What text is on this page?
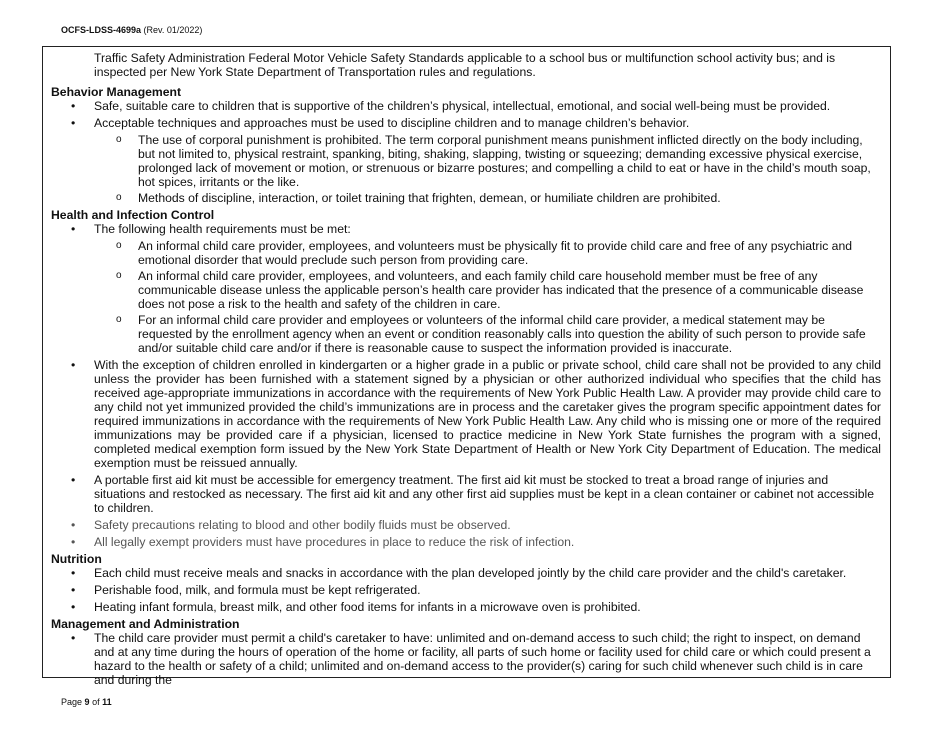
OCFS-LDSS-4699a (Rev. 01/2022)

Traffic Safety Administration Federal Motor Vehicle Safety Standards applicable to a school bus or multifunction school activity bus; and is inspected per New York State Department of Transportation rules and regulations.

Behavior Management

• Safe, suitable care to children that is supportive of the children’s physical, intellectual, emotional, and social well-being must be provided.
• Acceptable techniques and approaches must be used to discipline children and to manage children’s behavior.
o The use of corporal punishment is prohibited. The term corporal punishment means punishment inflicted directly on the body including, but not limited to, physical restraint, spanking, biting, shaking, slapping, twisting or squeezing; demanding excessive physical exercise, prolonged lack of movement or motion, or strenuous or bizarre postures; and compelling a child to eat or have in the child’s mouth soap, hot spices, irritants or the like.
o Methods of discipline, interaction, or toilet training that frighten, demean, or humiliate children are prohibited.

Health and Infection Control

• The following health requirements must be met:
o An informal child care provider, employees, and volunteers must be physically fit to provide child care and free of any psychiatric and emotional disorder that would preclude such person from providing care.
o An informal child care provider, employees, and volunteers, and each family child care household member must be free of any communicable disease unless the applicable person’s health care provider has indicated that the presence of a communicable disease does not pose a risk to the health and safety of the children in care.
o For an informal child care provider and employees or volunteers of the informal child care provider, a medical statement may be requested by the enrollment agency when an event or condition reasonably calls into question the ability of such person to provide safe and/or suitable child care and/or if there is reasonable cause to suspect the information provided is inaccurate.
• With the exception of children enrolled in kindergarten or a higher grade in a public or private school, child care shall not be provided to any child unless the provider has been furnished with a statement signed by a physician or other authorized individual who specifies that the child has received age-appropriate immunizations in accordance with the requirements of New York Public Health Law. A provider may provide child care to any child not yet immunized provided the child’s immunizations are in process and the caretaker gives the program specific appointment dates for required immunizations in accordance with the requirements of New York Public Health Law. Any child who is missing one or more of the required immunizations may be provided care if a physician, licensed to practice medicine in New York State furnishes the program with a signed, completed medical exemption form issued by the New York State Department of Health or New York City Department of Education. The medical exemption must be reissued annually.
• A portable first aid kit must be accessible for emergency treatment. The first aid kit must be stocked to treat a broad range of injuries and situations and restocked as necessary. The first aid kit and any other first aid supplies must be kept in a clean container or cabinet not accessible to children.
• Safety precautions relating to blood and other bodily fluids must be observed.
• All legally exempt providers must have procedures in place to reduce the risk of infection.

Nutrition

• Each child must receive meals and snacks in accordance with the plan developed jointly by the child care provider and the child's caretaker.
• Perishable food, milk, and formula must be kept refrigerated.
• Heating infant formula, breast milk, and other food items for infants in a microwave oven is prohibited.

Management and Administration

• The child care provider must permit a child's caretaker to have: unlimited and on-demand access to such child; the right to inspect, on demand and at any time during the hours of operation of the home or facility, all parts of such home or facility used for child care or which could present a hazard to the health or safety of a child; unlimited and on-demand access to the provider(s) caring for such child whenever such child is in care and during the
Page 9 of 11
